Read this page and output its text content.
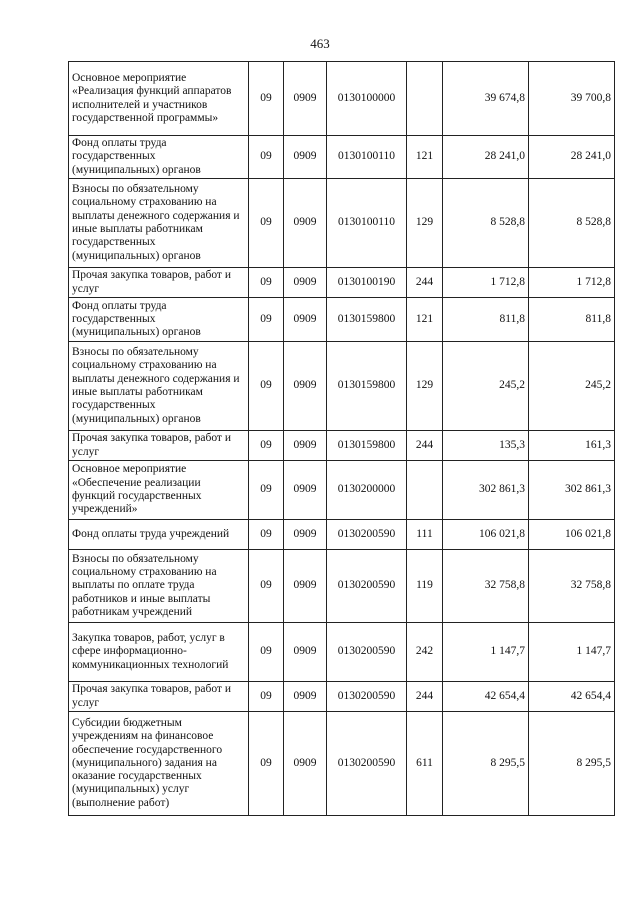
463
Основное мероприятие «Реализация функций аппаратов исполнителей и участников государственной программы»	09	0909	0130100000		39 674,8	39 700,8
Фонд оплаты труда государственных (муниципальных) органов	09	0909	0130100110	121	28 241,0	28 241,0
Взносы по обязательному социальному страхованию на выплаты денежного содержания и иные выплаты работникам государственных (муниципальных) органов	09	0909	0130100110	129	8 528,8	8 528,8
Прочая закупка товаров, работ и услуг	09	0909	0130100190	244	1 712,8	1 712,8
Фонд оплаты труда государственных (муниципальных) органов	09	0909	0130159800	121	811,8	811,8
Взносы по обязательному социальному страхованию на выплаты денежного содержания и иные выплаты работникам государственных (муниципальных) органов	09	0909	0130159800	129	245,2	245,2
Прочая закупка товаров, работ и услуг	09	0909	0130159800	244	135,3	161,3
Основное мероприятие «Обеспечение реализации функций государственных учреждений»	09	0909	0130200000		302 861,3	302 861,3
Фонд оплаты труда учреждений	09	0909	0130200590	111	106 021,8	106 021,8
Взносы по обязательному социальному страхованию на выплаты по оплате труда работников и иные выплаты работникам учреждений	09	0909	0130200590	119	32 758,8	32 758,8
Закупка товаров, работ, услуг в сфере информационно-коммуникационных технологий	09	0909	0130200590	242	1 147,7	1 147,7
Прочая закупка товаров, работ и услуг	09	0909	0130200590	244	42 654,4	42 654,4
Субсидии бюджетным учреждениям на финансовое обеспечение государственного (муниципального) задания на оказание государственных (муниципальных) услуг (выполнение работ)	09	0909	0130200590	611	8 295,5	8 295,5
